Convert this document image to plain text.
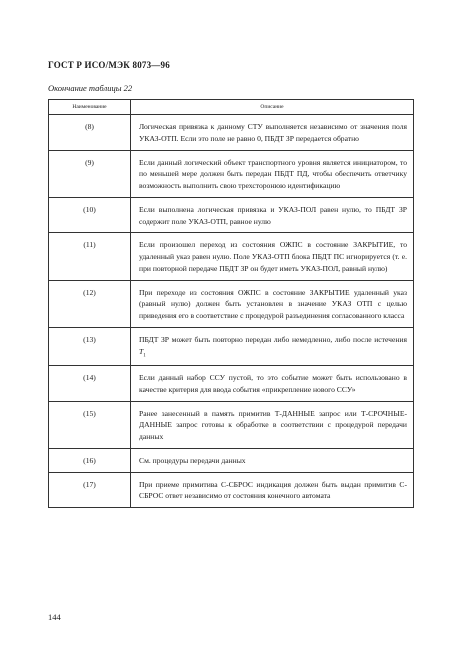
ГОСТ Р ИСО/МЭК 8073—96
Окончание таблицы 22
Наименование	Описание
(8)	Логическая привязка к данному СТУ выполняется независимо от значения поля УКАЗ-ОТП. Если это поле не равно 0, ПБДТ ЗР передается обратно
(9)	Если данный логический объект транспортного уровня является инициатором, то по меньшей мере должен быть передан ПБДТ ПД, чтобы обеспечить ответчику возможность выполнить свою трехсторонюю идентификацию
(10)	Если выполнена логическая привязка и УКАЗ-ПОЛ равен нулю, то ПБДТ ЗР содержит поле УКАЗ-ОТП, равное нулю
(11)	Если произошел переход из состояния ОЖПС в состояние ЗАКРЫТИЕ, то удаленный указ равен нулю. Поле УКАЗ-ОТП блока ПБДТ ПС игнорируется (т. е. при повторной передаче ПБДТ ЗР он будет иметь УКАЗ-ПОЛ, равный нулю)
(12)	При переходе из состояния ОЖПС в состояние ЗАКРЫТИЕ удаленный указ (равный нулю) должен быть установлен в значение УКАЗ ОТП с целью приведения его в соответствие с процедурой разъединения согласованного класса
(13)	ПБДТ ЗР может быть повторно передан либо немедленно, либо после истечения $T_1$
(14)	Если данный набор ССУ пустой, то это событие может быть использовано в качестве критерия для ввода события «прикрепление нового ССУ»
(15)	Ранее занесенный в память примитив Т-ДАННЫЕ запрос или Т-СРОЧНЫЕ-ДАННЫЕ запрос готовы к обработке в соответствии с процедурой передачи данных
(16)	См. процедуры передачи данных
(17)	При приеме примитива С-СБРОС индикация должен быть выдан примитив С-СБРОС ответ независимо от состояния конечного автомата
144
